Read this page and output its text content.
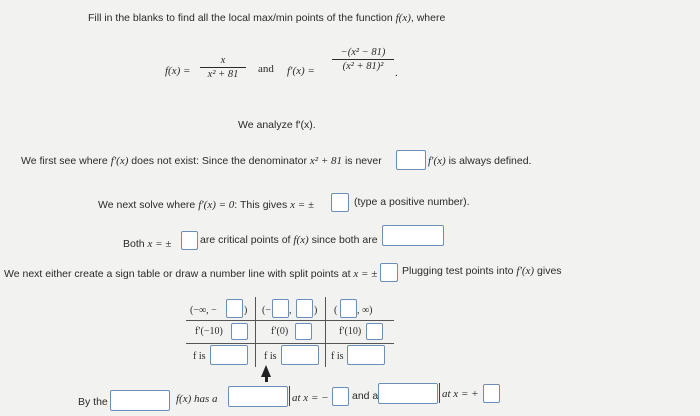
Fill in the blanks to find all the local max/min points of the function f(x), where
f(x) =
x
x² + 81	and f′(x) =
−(x² − 81)
(x² + 81)²
.
We analyze f′(x).
We first see where f′(x) does not exist: Since the denominator x² + 81 is never	f′(x) is always defined.
We next solve where f′(x) = 0: This gives x = ±	(type a positive number).
Both x = ±	are critical points of f(x) since both are
We next either create a sign table or draw a number line with split points at x = ± Plugging test points into f′(x) gives
(−∞, −	) (− , ) ( , ∞)
f′(−10)	f′(0)	f′(10)
f is	f is	f is
By the	f(x) has a	at x = − and a	at x = +
